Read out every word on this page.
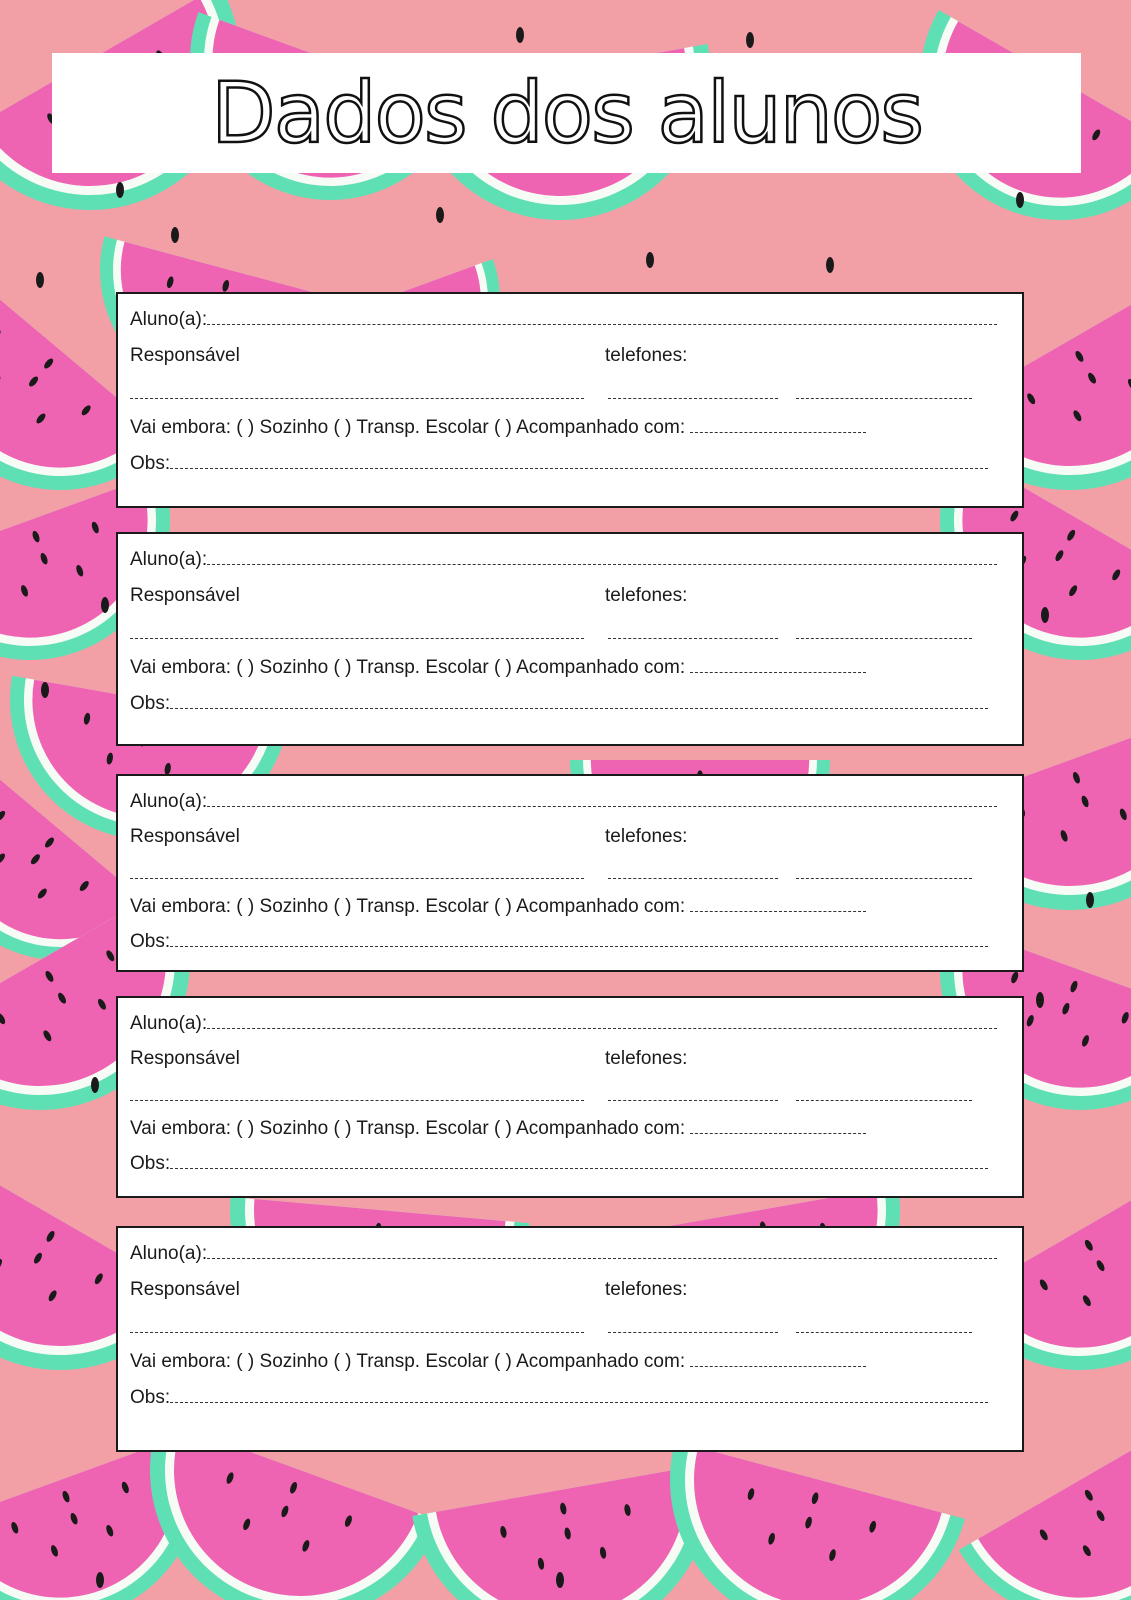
Dados dos alunos
Aluno(a):
Responsável	telefones:
Vai embora: ( ) Sozinho ( ) Transp. Escolar ( ) Acompanhado com:
Obs:
Aluno(a):
Responsável	telefones:
Vai embora: ( ) Sozinho ( ) Transp. Escolar ( ) Acompanhado com:
Obs:
Aluno(a):
Responsável	telefones:
Vai embora: ( ) Sozinho ( ) Transp. Escolar ( ) Acompanhado com:
Obs:
Aluno(a):
Responsável	telefones:
Vai embora: ( ) Sozinho ( ) Transp. Escolar ( ) Acompanhado com:
Obs:
Aluno(a):
Responsável	telefones:
Vai embora: ( ) Sozinho ( ) Transp. Escolar ( ) Acompanhado com:
Obs:
